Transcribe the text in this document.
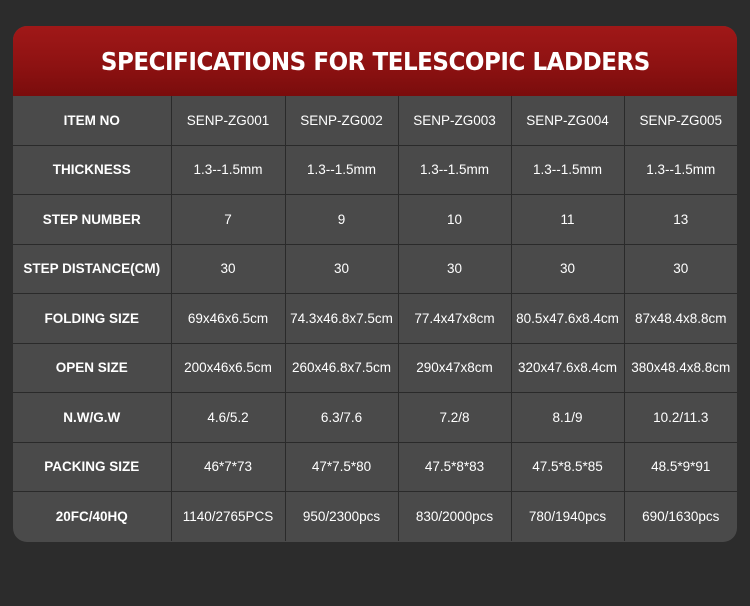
SPECIFICATIONS FOR TELESCOPIC LADDERS
ITEM NO	SENP-ZG001	SENP-ZG002	SENP-ZG003	SENP-ZG004	SENP-ZG005
THICKNESS	1.3--1.5mm	1.3--1.5mm	1.3--1.5mm	1.3--1.5mm	1.3--1.5mm
STEP NUMBER	7	9	10	11	13
STEP DISTANCE(CM)	30	30	30	30	30
FOLDING SIZE	69x46x6.5cm	74.3x46.8x7.5cm	77.4x47x8cm	80.5x47.6x8.4cm	87x48.4x8.8cm
OPEN SIZE	200x46x6.5cm	260x46.8x7.5cm	290x47x8cm	320x47.6x8.4cm	380x48.4x8.8cm
N.W/G.W	4.6/5.2	6.3/7.6	7.2/8	8.1/9	10.2/11.3
PACKING SIZE	46*7*73	47*7.5*80	47.5*8*83	47.5*8.5*85	48.5*9*91
20FC/40HQ	1140/2765PCS	950/2300pcs	830/2000pcs	780/1940pcs	690/1630pcs
